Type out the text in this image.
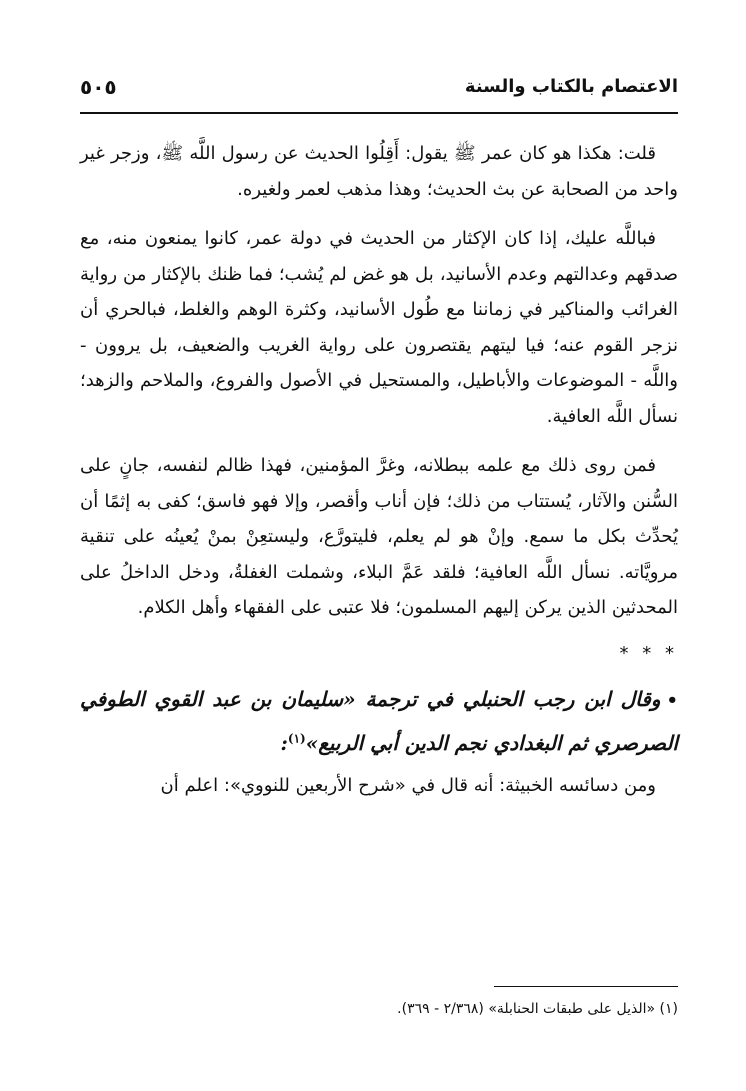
الاعتصام بالكتاب والسنة
٥٠٥

قلت: هكذا هو كان عمر ﷺ يقول: أَقِلُوا الحديث عن رسول اللَّه ﷺ، وزجر غير واحد من الصحابة عن بث الحديث؛ وهذا مذهب لعمر ولغيره.

فباللَّه عليك، إذا كان الإكثار من الحديث في دولة عمر، كانوا يمنعون منه، مع صدقهم وعدالتهم وعدم الأسانيد، بل هو غض لم يُشب؛ فما ظنك بالإكثار من رواية الغرائب والمناكير في زماننا مع طُول الأسانيد، وكثرة الوهم والغلط، فبالحري أن نزجر القوم عنه؛ فيا ليتهم يقتصرون على رواية الغريب والضعيف، بل يروون - واللَّه - الموضوعات والأباطيل، والمستحيل في الأصول والفروع، والملاحم والزهد؛ نسأل اللَّه العافية.

فمن روى ذلك مع علمه ببطلانه، وغرَّ المؤمنين، فهذا ظالم لنفسه، جانٍ على السُّنن والآثار، يُستتاب من ذلك؛ فإن أناب وأقصر، وإلا فهو فاسق؛ كفى به إثمًا أن يُحدِّث بكل ما سمع. وإنْ هو لم يعلم، فليتورَّع، وليستعِنْ بمنْ يُعينُه على تنقية مرويَّاته. نسأل اللَّه العافية؛ فلقد عَمَّ البلاء، وشملت الغفلةُ، ودخل الداخلُ على المحدثين الذين يركن إليهم المسلمون؛ فلا عتبى على الفقهاء وأهل الكلام.

* * *

•وقال ابن رجب الحنبلي في ترجمة «سليمان بن عبد القوي الطوفي الصرصري ثم البغدادي نجم الدين أبي الربيع»$^{(١)}$:

ومن دسائسه الخبيثة: أنه قال في «شرح الأربعين للنووي»: اعلم أن

(١) «الذيل على طبقات الحنابلة» (٢/٣٦٨ - ٣٦٩).
